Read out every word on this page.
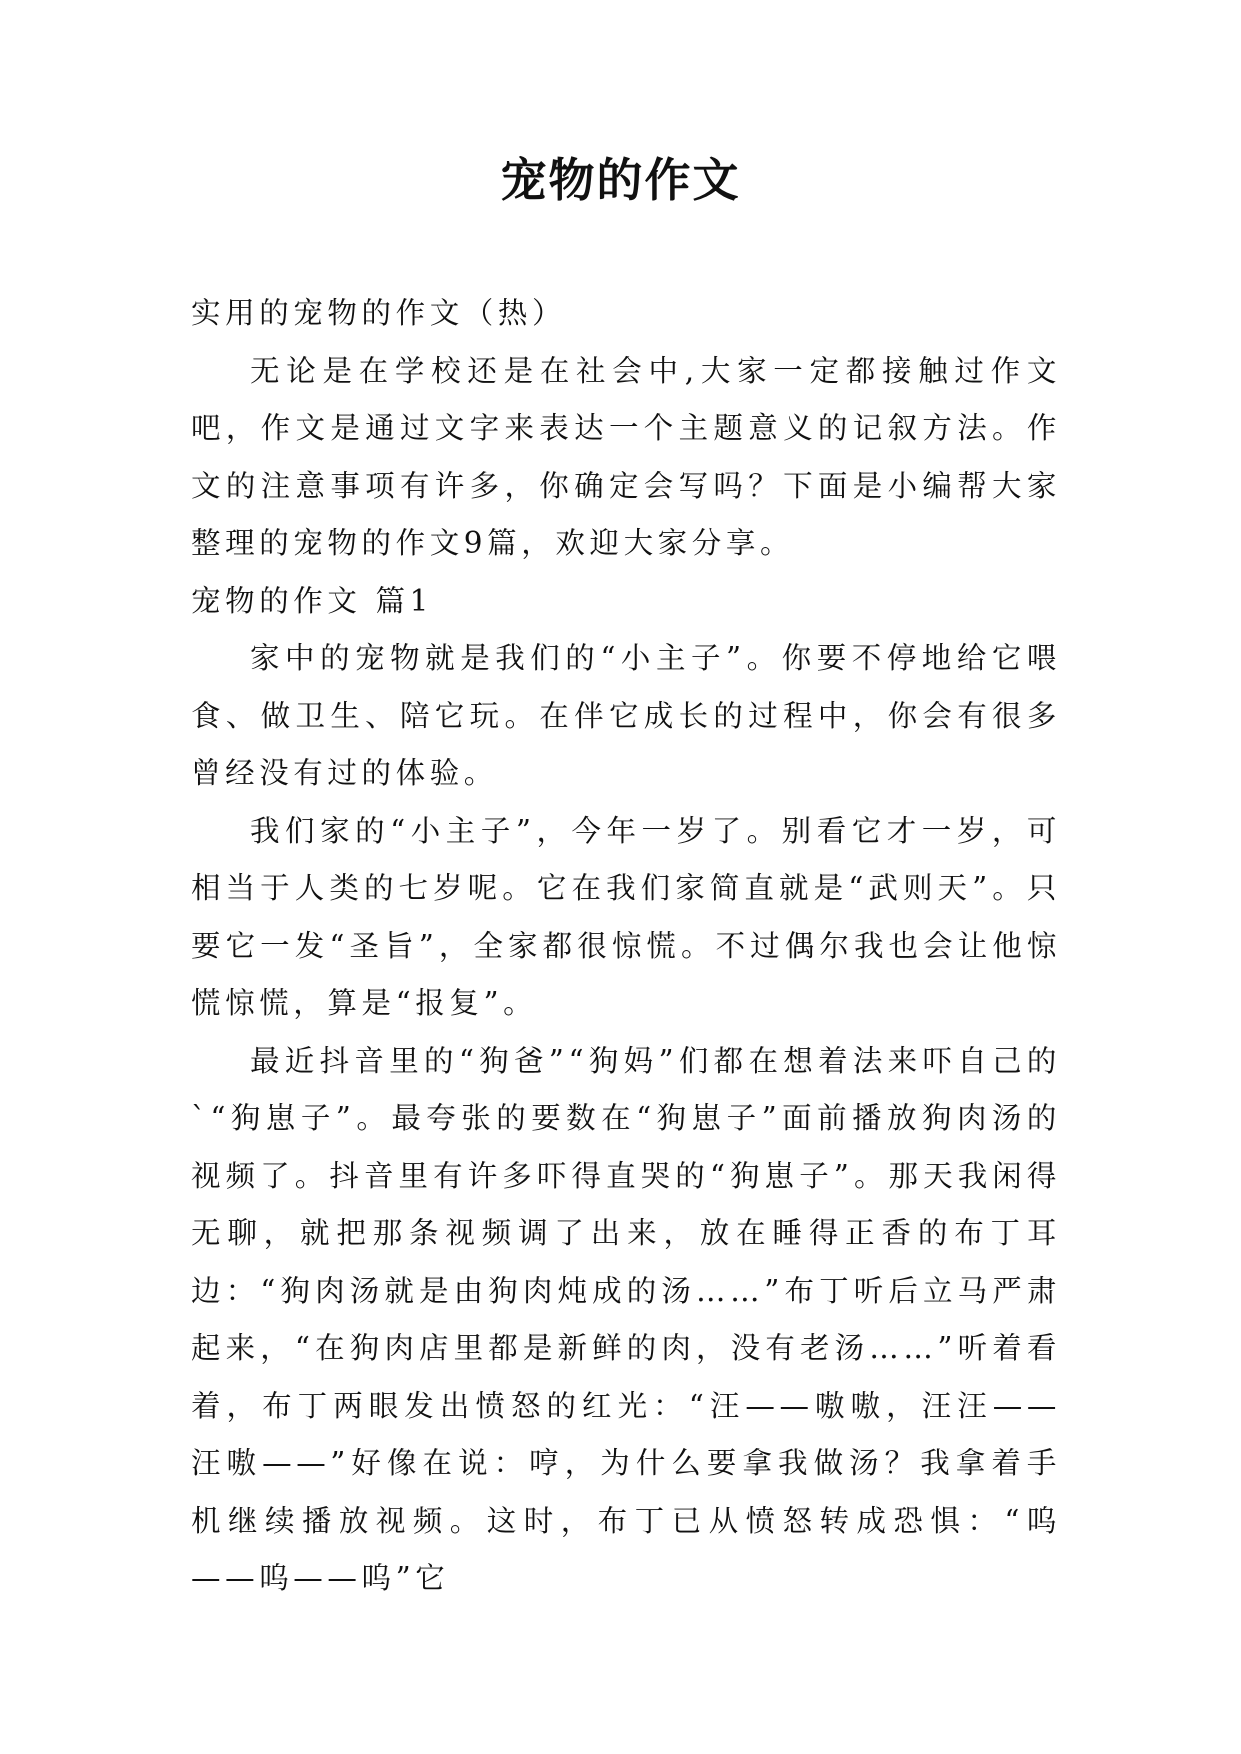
宠物的作文

实用的宠物的作文（热）

无论是在学校还是在社会中,大家一定都接触过作文吧，作文是通过文字来表达一个主题意义的记叙方法。作文的注意事项有许多，你确定会写吗？下面是小编帮大家整理的宠物的作文9篇，欢迎大家分享。

宠物的作文 篇1

家中的宠物就是我们的“小主子”。你要不停地给它喂食、做卫生、陪它玩。在伴它成长的过程中，你会有很多曾经没有过的体验。

我们家的“小主子”，今年一岁了。别看它才一岁，可相当于人类的七岁呢。它在我们家简直就是“武则天”。只要它一发“圣旨”，全家都很惊慌。不过偶尔我也会让他惊慌惊慌，算是“报复”。

最近抖音里的“狗爸”“狗妈”们都在想着法来吓自己的`“狗崽子”。最夸张的要数在“狗崽子”面前播放狗肉汤的视频了。抖音里有许多吓得直哭的“狗崽子”。那天我闲得无聊，就把那条视频调了出来，放在睡得正香的布丁耳边：“狗肉汤就是由狗肉炖成的汤……”布丁听后立马严肃起来，“在狗肉店里都是新鲜的肉，没有老汤……”听着看着，布丁两眼发出愤怒的红光：“汪——嗷嗷，汪汪——汪嗷——”好像在说：哼，为什么要拿我做汤？我拿着手机继续播放视频。这时，布丁已从愤怒转成恐惧：“呜——呜——呜”它
